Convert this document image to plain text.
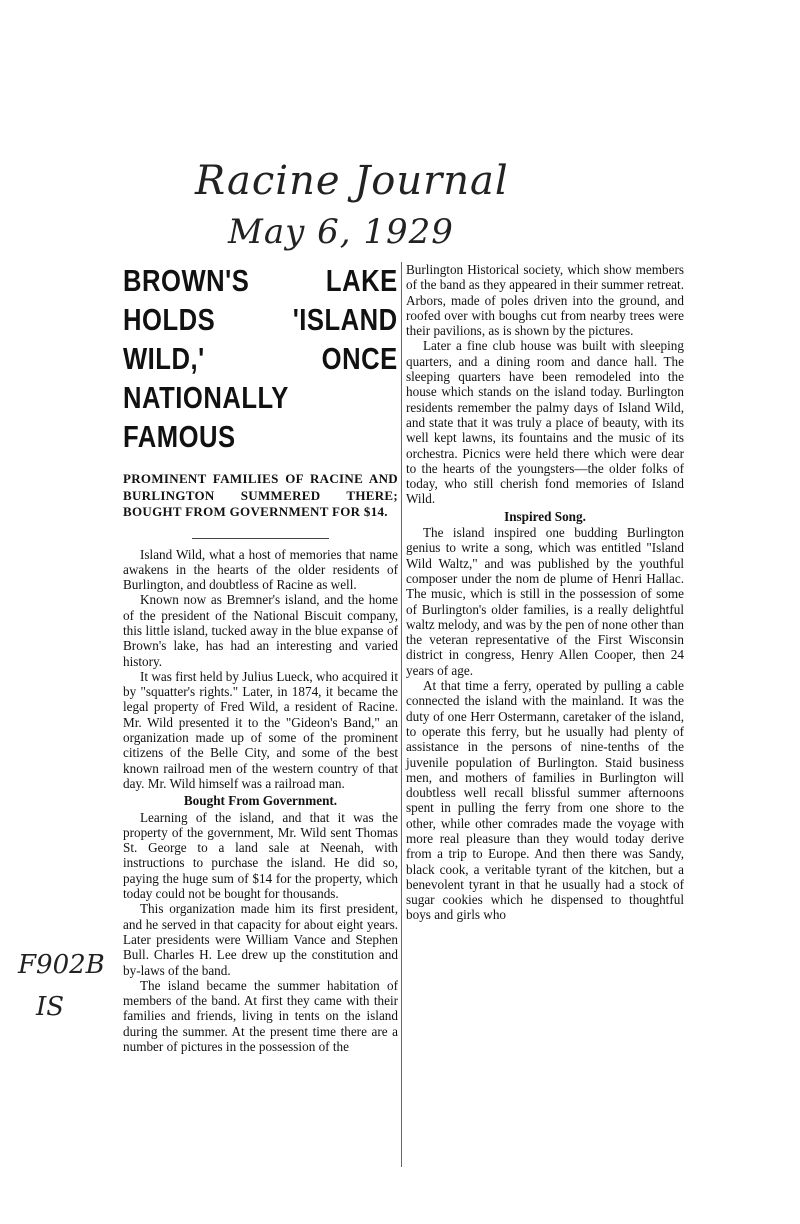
Racine Journal
May 6, 1929
F902B
IS
BROWN'S LAKE HOLDS 'ISLAND WILD,' ONCE NATIONALLY FAMOUS
PROMINENT FAMILIES OF RACINE AND BURLINGTON SUMMERED THERE; BOUGHT FROM GOVERNMENT FOR $14.

Island Wild, what a host of memories that name awakens in the hearts of the older residents of Burlington, and doubtless of Racine as well.

Known now as Bremner's island, and the home of the president of the National Biscuit company, this little island, tucked away in the blue expanse of Brown's lake, has had an interesting and varied history.

It was first held by Julius Lueck, who acquired it by "squatter's rights." Later, in 1874, it became the legal property of Fred Wild, a resident of Racine. Mr. Wild presented it to the "Gideon's Band," an organization made up of some of the prominent citizens of the Belle City, and some of the best known railroad men of the western country of that day. Mr. Wild himself was a railroad man.

Bought From Government.

Learning of the island, and that it was the property of the government, Mr. Wild sent Thomas St. George to a land sale at Neenah, with instructions to purchase the island. He did so, paying the huge sum of $14 for the property, which today could not be bought for thousands.

This organization made him its first president, and he served in that capacity for about eight years. Later presidents were William Vance and Stephen Bull. Charles H. Lee drew up the constitution and by-laws of the band.

The island became the summer habitation of members of the band. At first they came with their families and friends, living in tents on the island during the summer. At the present time there are a number of pictures in the possession of the

Burlington Historical society, which show members of the band as they appeared in their summer retreat. Arbors, made of poles driven into the ground, and roofed over with boughs cut from nearby trees were their pavilions, as is shown by the pictures.

Later a fine club house was built with sleeping quarters, and a dining room and dance hall. The sleeping quarters have been remodeled into the house which stands on the island today. Burlington residents remember the palmy days of Island Wild, and state that it was truly a place of beauty, with its well kept lawns, its fountains and the music of its orchestra. Picnics were held there which were dear to the hearts of the youngsters—the older folks of today, who still cherish fond memories of Island Wild.

Inspired Song.

The island inspired one budding Burlington genius to write a song, which was entitled "Island Wild Waltz," and was published by the youthful composer under the nom de plume of Henri Hallac. The music, which is still in the possession of some of Burlington's older families, is a really delightful waltz melody, and was by the pen of none other than the veteran representative of the First Wisconsin district in congress, Henry Allen Cooper, then 24 years of age.

At that time a ferry, operated by pulling a cable connected the island with the mainland. It was the duty of one Herr Ostermann, caretaker of the island, to operate this ferry, but he usually had plenty of assistance in the persons of nine-tenths of the juvenile population of Burlington. Staid business men, and mothers of families in Burlington will doubtless well recall blissful summer afternoons spent in pulling the ferry from one shore to the other, while other comrades made the voyage with more real pleasure than they would today derive from a trip to Europe. And then there was Sandy, black cook, a veritable tyrant of the kitchen, but a benevolent tyrant in that he usually had a stock of sugar cookies which he dispensed to thoughtful boys and girls who
